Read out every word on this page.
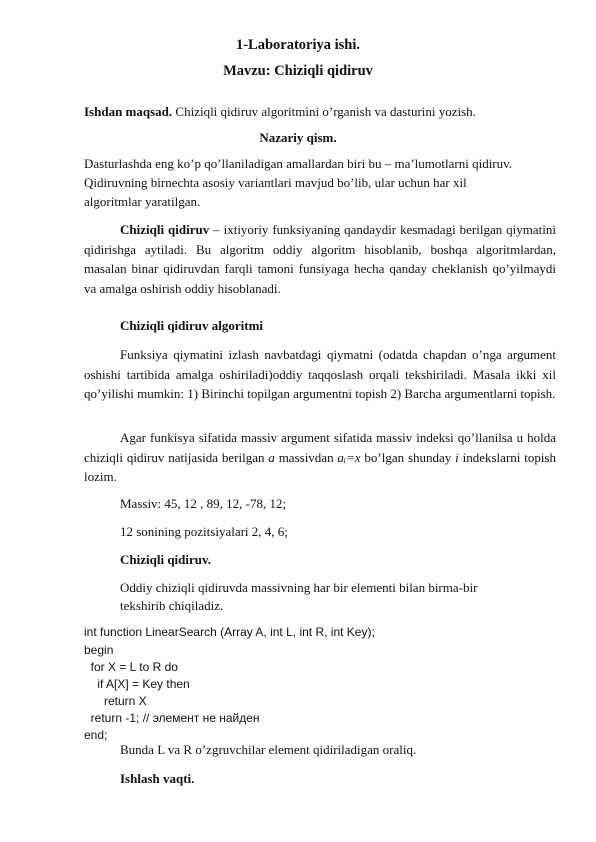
1-Laboratoriya ishi.
Mavzu: Chiziqli qidiruv
Ishdan maqsad. Chiziqli qidiruv algoritmini o’rganish va dasturini yozish.
Nazariy qism.
Dasturlashda eng ko’p qo’llaniladigan amallardan biri bu – ma’lumotlarni qidiruv.
Qidiruvning birnechta asosiy variantlari mavjud bo’lib, ular uchun har xil
algoritmlar yaratilgan.
Chiziqli qidiruv – ixtiyoriy funksiyaning qandaydir kesmadagi berilgan qiymatini qidirishga aytiladi. Bu algoritm oddiy algoritm hisoblanib, boshqa algoritmlardan, masalan binar qidiruvdan farqli tamoni funsiyaga hecha qanday cheklanish qo’yilmaydi va amalga oshirish oddiy hisoblanadi.
Chiziqli qidiruv algoritmi
Funksiya qiymatini izlash navbatdagi qiymatni (odatda chapdan o’nga argument oshishi tartibida amalga oshiriladi)oddiy taqqoslash orqali tekshiriladi. Masala ikki xil qo’yilishi mumkin: 1) Birinchi topilgan argumentni topish 2) Barcha argumentlarni topish.
Agar funkisya sifatida massiv argument sifatida massiv indeksi qo’llanilsa u holda chiziqli qidiruv natijasida berilgan a massivdan aᵢ=x bo’lgan shunday i indekslarni topish lozim.
Massiv: 45, 12 , 89, 12, -78, 12;
12 sonining pozitsiyalari 2, 4, 6;
Chiziqli qidiruv.
Oddiy chiziqli qidiruvda massivning har bir elementi bilan birma-bir
tekshirib chiqiladiz.
int function LinearSearch (Array A, int L, int R, int Key);
begin
for X = L to R do
if A[X] = Key then
return X
return -1; // элемент не найден
end;
Bunda L va R o’zgruvchilar element qidiriladigan oraliq.
Ishlash vaqti.
